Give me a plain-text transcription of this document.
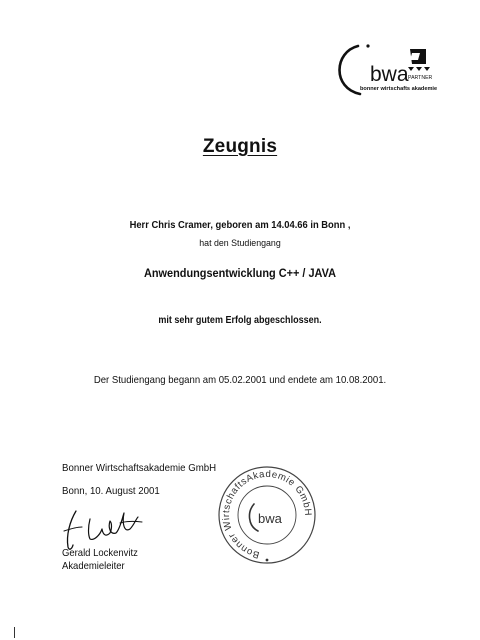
bwa PARTNER
bonner wirtschafts akademie
Zeugnis
Herr Chris Cramer, geboren am 14.04.66 in Bonn ,
hat den Studiengang
Anwendungsentwicklung C++ / JAVA
mit sehr gutem Erfolg abgeschlossen.
Der Studiengang begann am 05.02.2001 und endete am 10.08.2001.
Bonner Wirtschaftsakademie GmbH
Bonn, 10. August 2001
Gerald Lockenvitz
Akademieleiter
Bonner WirtschaftsAkademie GmbH
bwa
